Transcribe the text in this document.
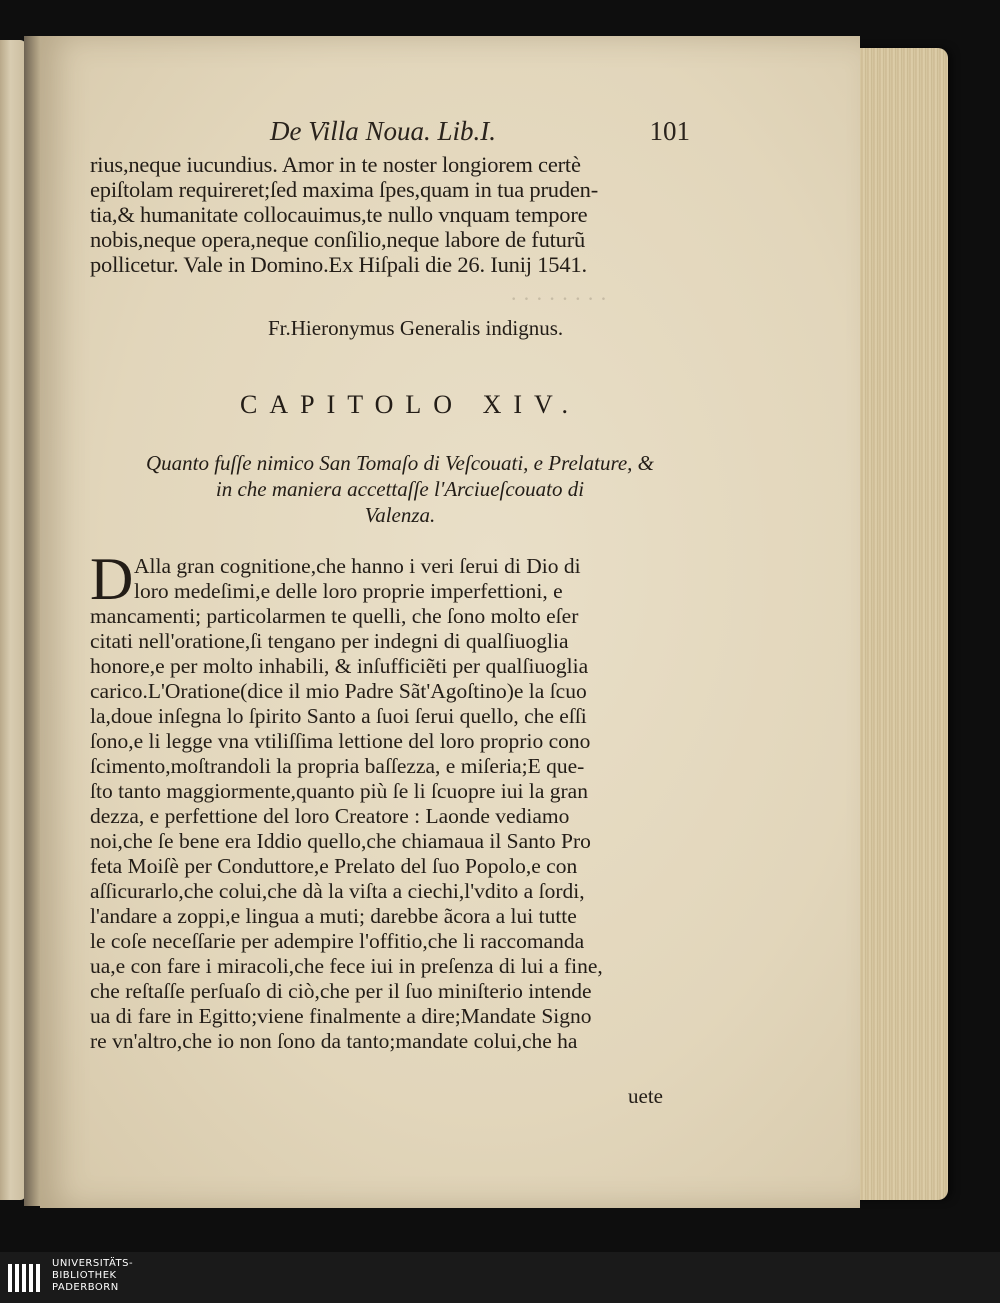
· · · · · · · ·
De Villa Noua. Lib.I.	101
rius,neque iucundius. Amor in te noster longiorem certè
epiſtolam requireret;ſed maxima ſpes,quam in tua pruden-
tia,& humanitate collocauimus,te nullo vnquam tempore
nobis,neque opera,neque conſilio,neque labore de futurũ
pollicetur. Vale in Domino.Ex Hiſpali die 26. Iunij 1541.
Fr.Hieronymus Generalis indignus.
CAPITOLO XIV.
Quanto fuſſe nimico San Tomaſo di Veſcouati, e Prelature, &
in che maniera accettaſſe l'Arciueſcouato di
Valenza.
D Alla gran cognitione,che hanno i veri ſerui di Dio di
loro medeſimi,e delle loro proprie imperfettioni, e
mancamenti; particolarmen te quelli, che ſono molto eſer
citati nell'oratione,ſi tengano per indegni di qualſiuoglia
honore,e per molto inhabili, & inſufficiẽti per qualſiuoglia
carico.L'Oratione(dice il mio Padre Sãt'Agoſtino)e la ſcuo
la,doue inſegna lo ſpirito Santo a ſuoi ſerui quello, che eſſi
ſono,e li legge vna vtiliſſima lettione del loro proprio cono
ſcimento,moſtrandoli la propria baſſezza, e miſeria;E que-
ſto tanto maggiormente,quanto più ſe li ſcuopre iui la gran
dezza, e perfettione del loro Creatore : Laonde vediamo
noi,che ſe bene era Iddio quello,che chiamaua il Santo Pro
feta Moiſè per Conduttore,e Prelato del ſuo Popolo,e con
aſſicurarlo,che colui,che dà la viſta a ciechi,l'vdito a ſordi,
l'andare a zoppi,e lingua a muti; darebbe ãcora a lui tutte
le coſe neceſſarie per adempire l'offitio,che li raccomanda
ua,e con fare i miracoli,che fece iui in preſenza di lui a fine,
che reſtaſſe perſuaſo di ciò,che per il ſuo miniſterio intende
ua di fare in Egitto;viene finalmente a dire;Mandate Signo
re vn'altro,che io non ſono da tanto;mandate colui,che ha
uete
UNIVERSITÄTS-
BIBLIOTHEK
PADERBORN
